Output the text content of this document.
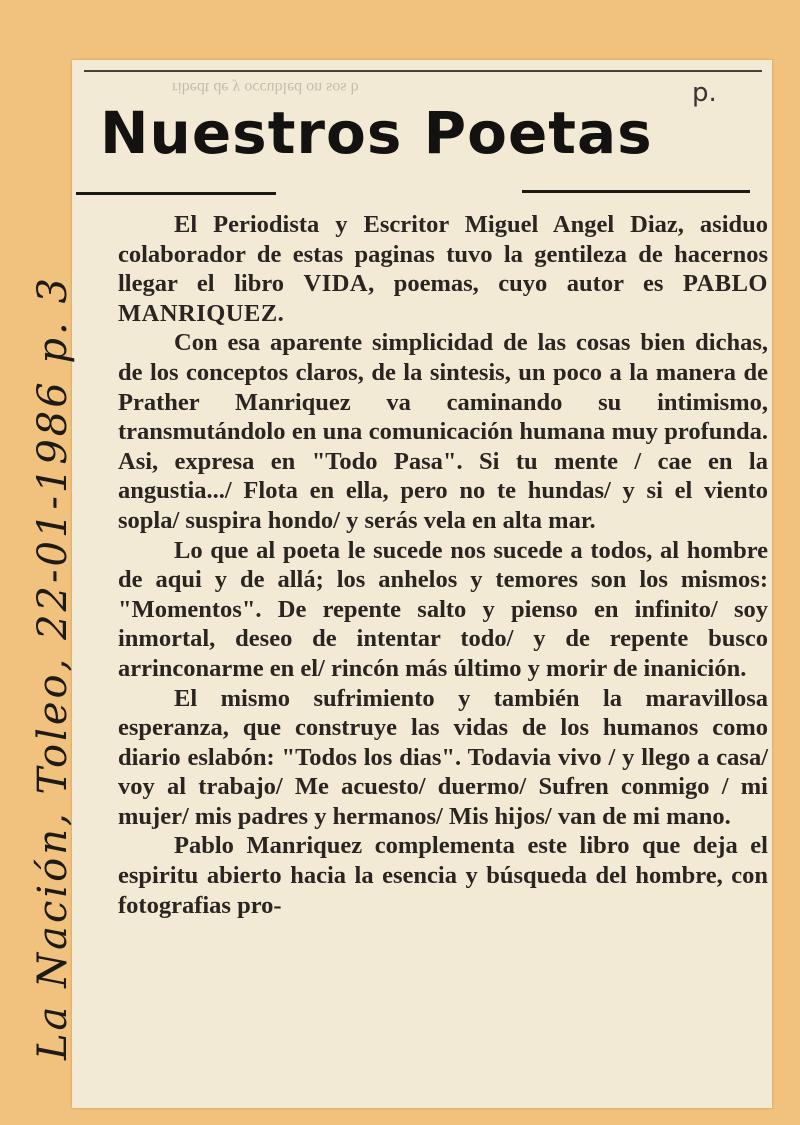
ribedt de y occubled on sos b
Nuestros Poetas
p.

El Periodista y Escritor Miguel Angel Diaz, asiduo colaborador de estas paginas tuvo la gentileza de hacernos llegar el libro VIDA, poemas, cuyo autor es PABLO MANRIQUEZ.

Con esa aparente simplicidad de las cosas bien dichas, de los conceptos claros, de la sintesis, un poco a la manera de Prather Manriquez va caminando su intimismo, transmutándolo en una comunicación humana muy profunda. Asi, expresa en "Todo Pasa". Si tu mente / cae en la angustia.../ Flota en ella, pero no te hundas/ y si el viento sopla/ suspira hondo/ y serás vela en alta mar.

Lo que al poeta le sucede nos sucede a todos, al hombre de aqui y de allá; los anhelos y temores son los mismos: "Momentos". De repente salto y pienso en infinito/ soy inmortal, deseo de intentar todo/ y de repente busco arrinconarme en el/ rincón más último y morir de inanición.

El mismo sufrimiento y también la maravillosa esperanza, que construye las vidas de los humanos como diario eslabón: "Todos los dias". Todavia vivo / y llego a casa/ voy al trabajo/ Me acuesto/ duermo/ Sufren conmigo / mi mujer/ mis padres y hermanos/ Mis hijos/ van de mi mano.

Pablo Manriquez complementa este libro que deja el espiritu abierto hacia la esencia y búsqueda del hombre, con fotografias pro-

La Nación, Toleo, 22-01-1986 p. 3
